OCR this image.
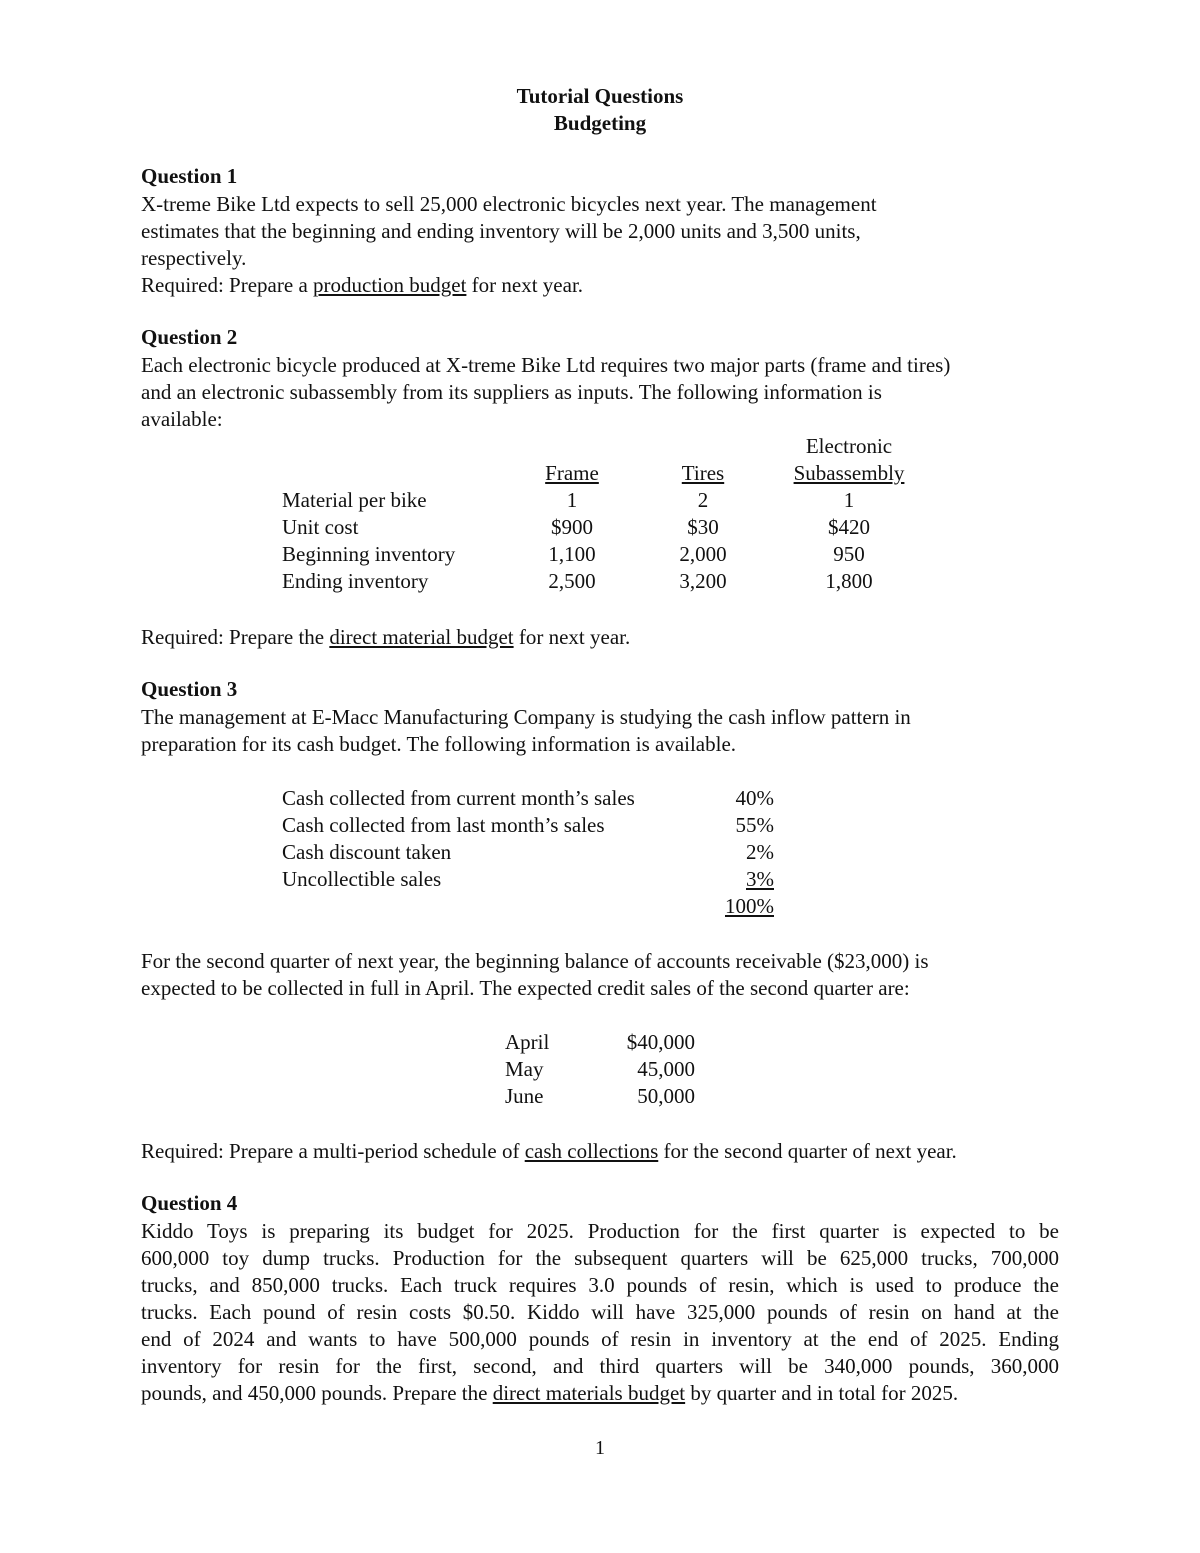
Tutorial Questions
Budgeting
Question 1
X-treme Bike Ltd expects to sell 25,000 electronic bicycles next year. The management
estimates that the beginning and ending inventory will be 2,000 units and 3,500 units,
respectively.
Required: Prepare a production budget for next year.
Question 2
Each electronic bicycle produced at X-treme Bike Ltd requires two major parts (frame and tires)
and an electronic subassembly from its suppliers as inputs. The following information is
available:
			Electronic
	Frame	Tires	Subassembly
Material per bike	1	2	1
Unit cost	$900	$30	$420
Beginning inventory	1,100	2,000	950
Ending inventory	2,500	3,200	1,800
Required: Prepare the direct material budget for next year.
Question 3
The management at E-Macc Manufacturing Company is studying the cash inflow pattern in
preparation for its cash budget. The following information is available.
Cash collected from current month’s sales	40%
Cash collected from last month’s sales	55%
Cash discount taken	2%
Uncollectible sales	3%
	100%
For the second quarter of next year, the beginning balance of accounts receivable ($23,000) is
expected to be collected in full in April. The expected credit sales of the second quarter are:
April	$40,000
May	45,000
June	50,000
Required: Prepare a multi-period schedule of cash collections for the second quarter of next year.
Question 4
Kiddo Toys is preparing its budget for 2025. Production for the first quarter is expected to be
600,000 toy dump trucks. Production for the subsequent quarters will be 625,000 trucks, 700,000
trucks, and 850,000 trucks. Each truck requires 3.0 pounds of resin, which is used to produce the
trucks. Each pound of resin costs $0.50. Kiddo will have 325,000 pounds of resin on hand at the
end of 2024 and wants to have 500,000 pounds of resin in inventory at the end of 2025. Ending
inventory for resin for the first, second, and third quarters will be 340,000 pounds, 360,000
pounds, and 450,000 pounds. Prepare the direct materials budget by quarter and in total for 2025.
1
